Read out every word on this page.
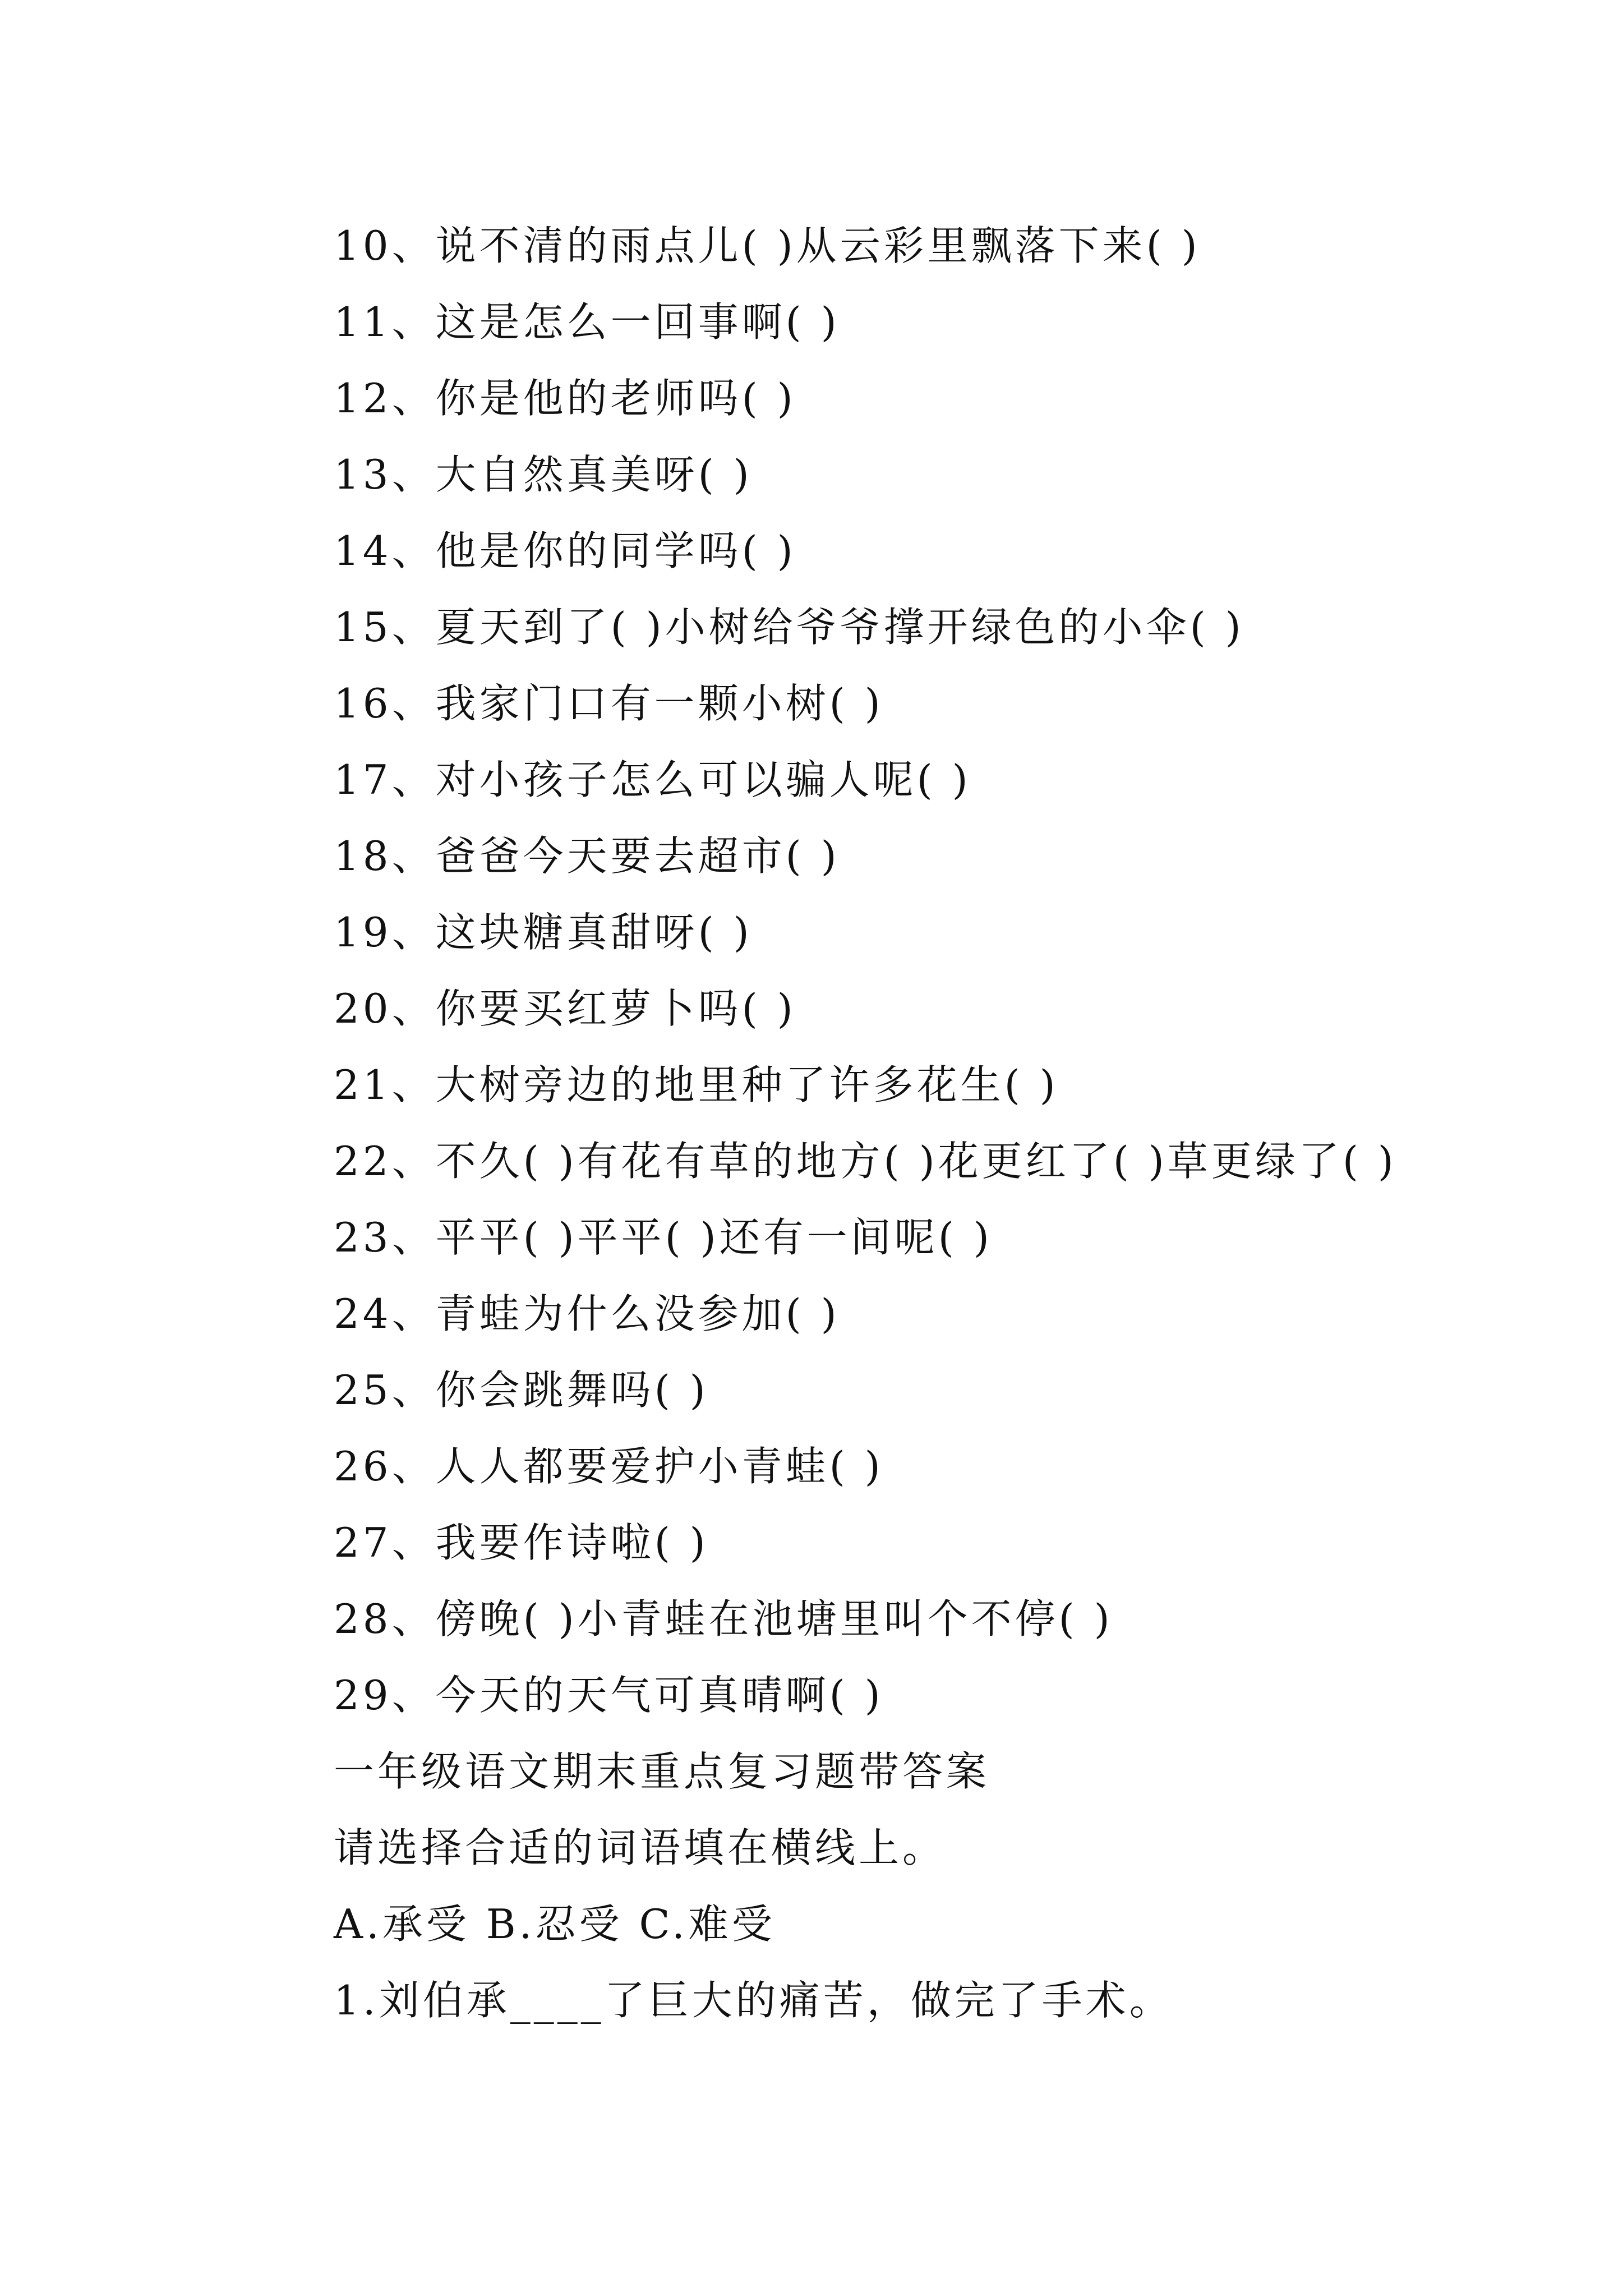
10、说不清的雨点儿( )从云彩里飘落下来( )
11、这是怎么一回事啊( )
12、你是他的老师吗( )
13、大自然真美呀( )
14、他是你的同学吗( )
15、夏天到了( )小树给爷爷撑开绿色的小伞( )
16、我家门口有一颗小树( )
17、对小孩子怎么可以骗人呢( )
18、爸爸今天要去超市( )
19、这块糖真甜呀( )
20、你要买红萝卜吗( )
21、大树旁边的地里种了许多花生( )
22、不久( )有花有草的地方( )花更红了( )草更绿了( )
23、平平( )平平( )还有一间呢( )
24、青蛙为什么没参加( )
25、你会跳舞吗( )
26、人人都要爱护小青蛙( )
27、我要作诗啦( )
28、傍晚( )小青蛙在池塘里叫个不停( )
29、今天的天气可真晴啊( )
一年级语文期末重点复习题带答案
请选择合适的词语填在横线上。
A.承受 B.忍受 C.难受
1.刘伯承____了巨大的痛苦，做完了手术。
